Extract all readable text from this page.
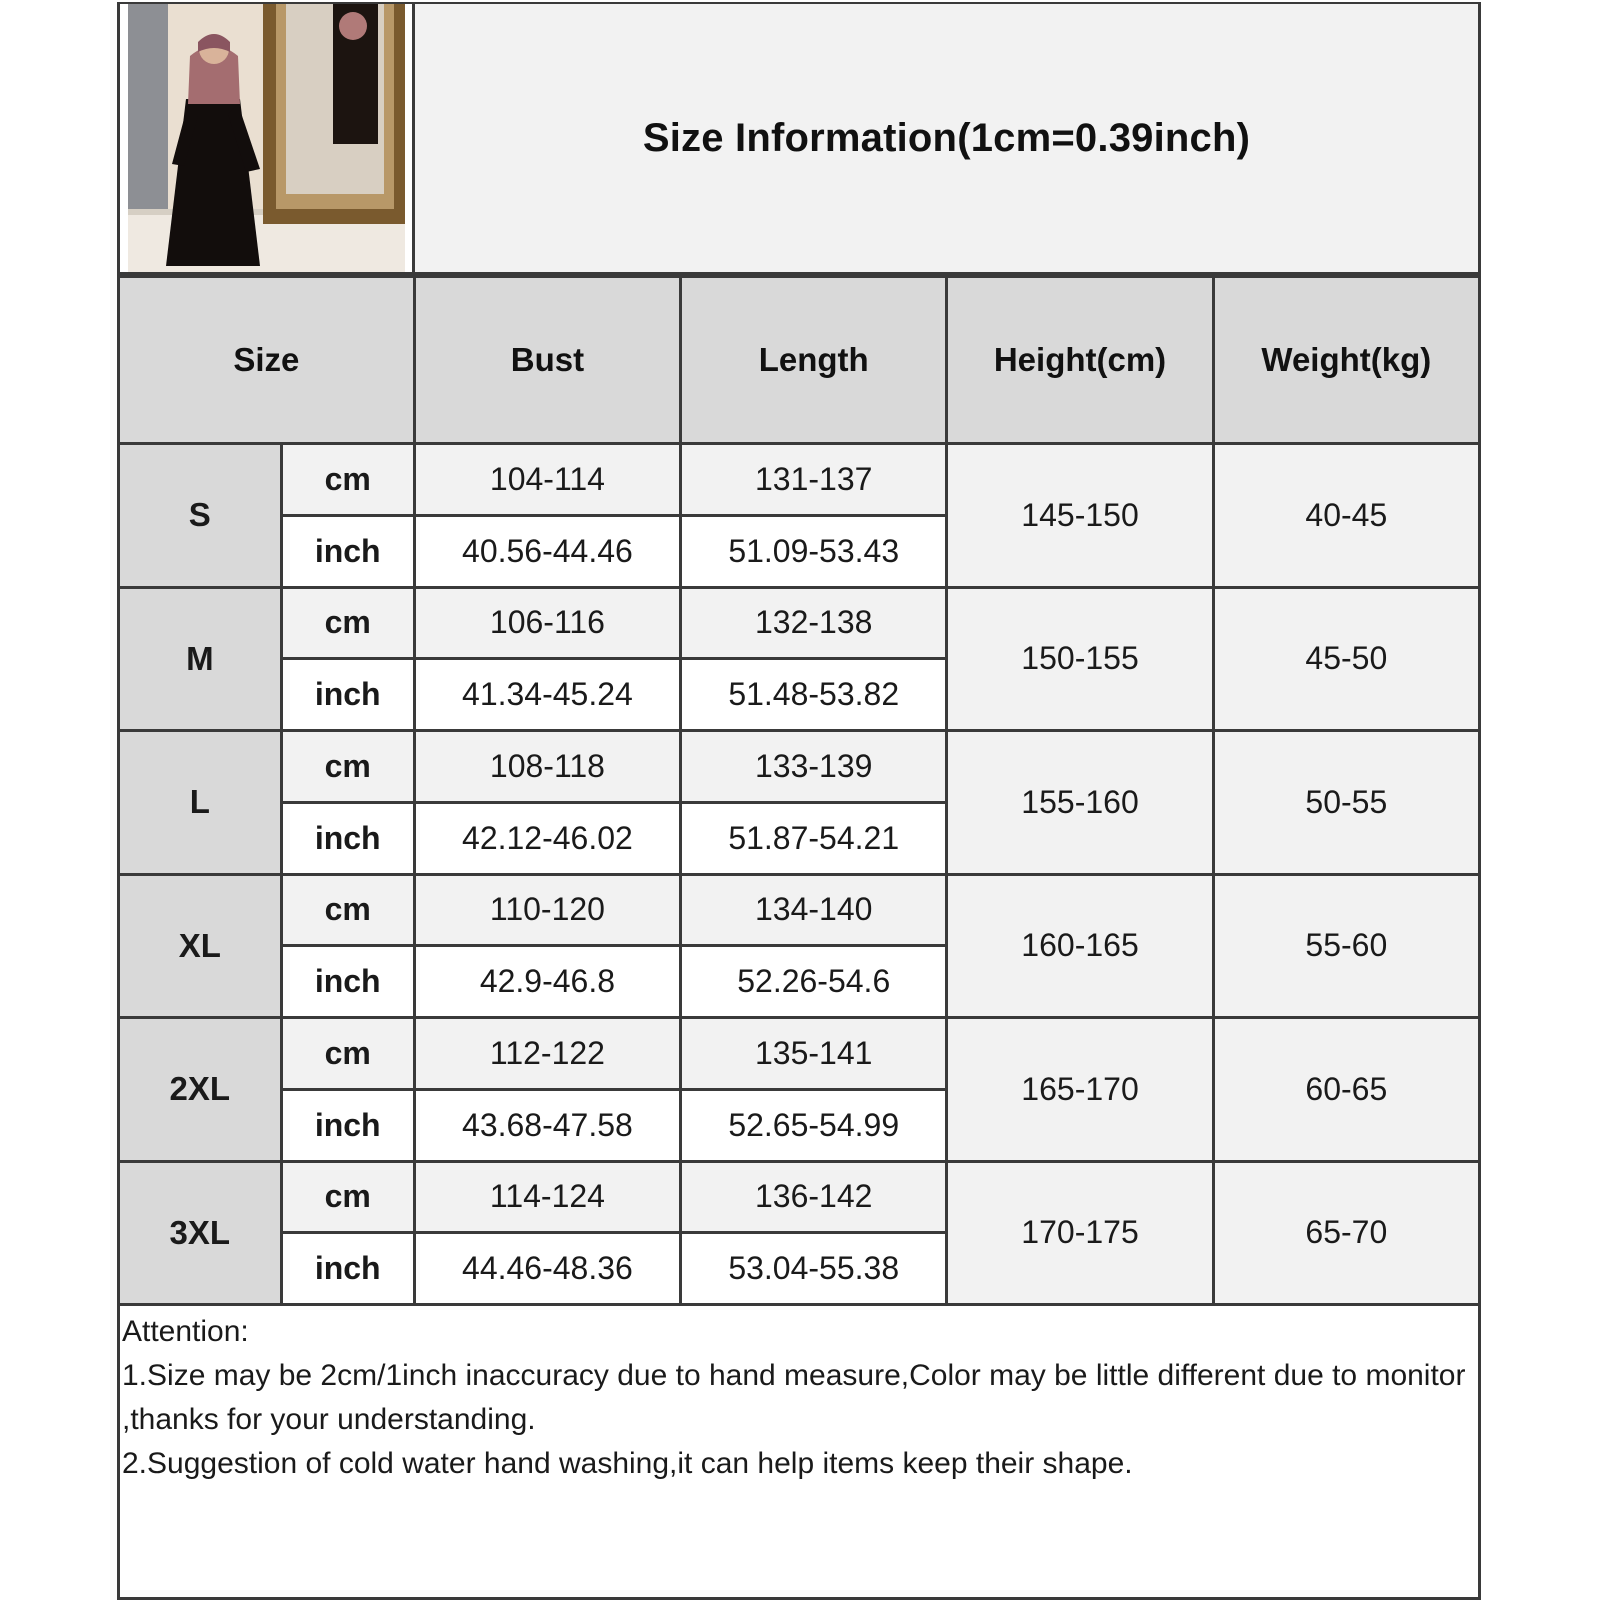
Size Information(1cm=0.39inch)
Size		Bust	Length	Height(cm)	Weight(kg)
S	cm	104-114	131-137	145-150	40-45
	inch	40.56-44.46	51.09-53.43		
M	cm	106-116	132-138	150-155	45-50
	inch	41.34-45.24	51.48-53.82		
L	cm	108-118	133-139	155-160	50-55
	inch	42.12-46.02	51.87-54.21		
XL	cm	110-120	134-140	160-165	55-60
	inch	42.9-46.8	52.26-54.6		
2XL	cm	112-122	135-141	165-170	60-65
	inch	43.68-47.58	52.65-54.99		
3XL	cm	114-124	136-142	170-175	65-70
	inch	44.46-48.36	53.04-55.38		
Attention:
1.Size may be 2cm/1inch inaccuracy due to hand measure,Color may be little different due to monitor ,thanks for your understanding.
2.Suggestion of cold water hand washing,it can help items keep their shape.
